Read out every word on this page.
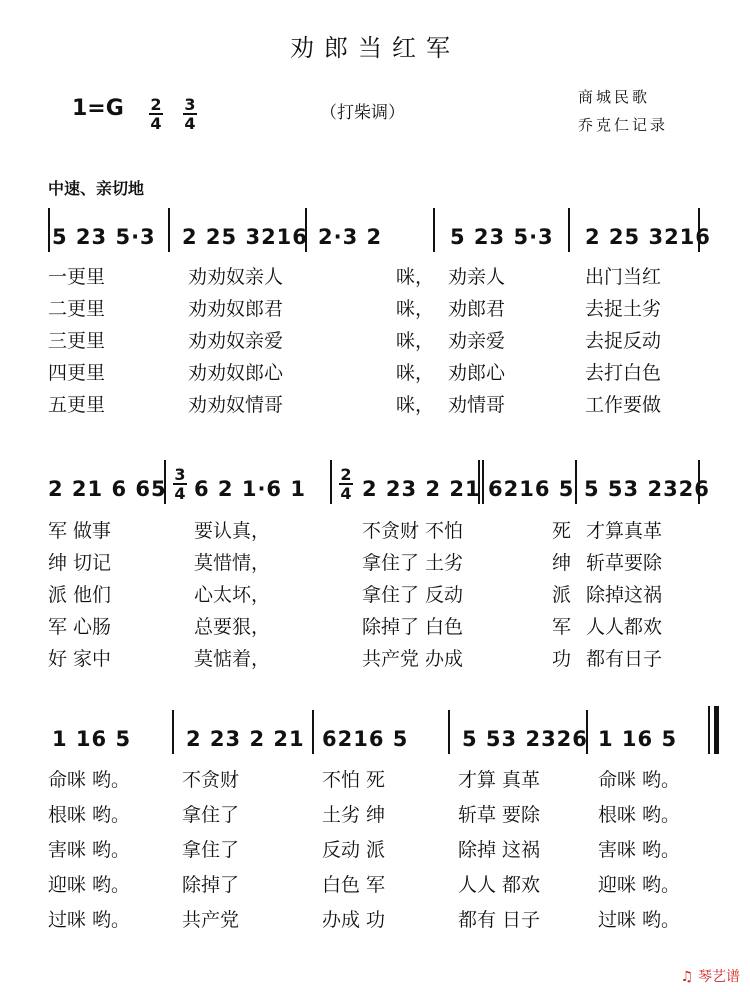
劝郎当红军
1=G 2
4
3
4
（打柴调）
商城民歌
乔克仁记录
中速、亲切地
5 23 5·3 2 25 3216 2·3 2	5 23 5·3 2 25 3216
一更里	劝劝奴亲人	咪， 劝亲人	出门当红
二更里	劝劝奴郎君	咪， 劝郎君	去捉土劣
三更里	劝劝奴亲爱	咪， 劝亲爱	去捉反动
四更里	劝劝奴郎心	咪， 劝郎心	去打白色
五更里	劝劝奴情哥	咪， 劝情哥	工作要做
3
4
2
4
2 21 6 65 6 2 1·6 1	2 23 2 21 6216 5 5 53 2326
军 做事	要认真，	不贪财 不怕	死 才算真革
绅 切记	莫惜情，	拿住了 土劣	绅 斩草要除
派 他们	心太坏，	拿住了 反动	派 除掉这祸
军 心肠	总要狠，	除掉了 白色	军 人人都欢
好 家中	莫惦着，	共产党 办成	功 都有日子
1 16 5	2 23 2 21 6216 5	5 53 2326 1 16 5
命咪 哟。	不贪财	不怕 死	才算 真革	命咪 哟。
根咪 哟。	拿住了	土劣 绅	斩草 要除	根咪 哟。
害咪 哟。	拿住了	反动 派	除掉 这祸	害咪 哟。
迎咪 哟。	除掉了	白色 军	人人 都欢	迎咪 哟。
过咪 哟。	共产党	办成 功	都有 日子	过咪 哟。
♫ 琴艺谱
